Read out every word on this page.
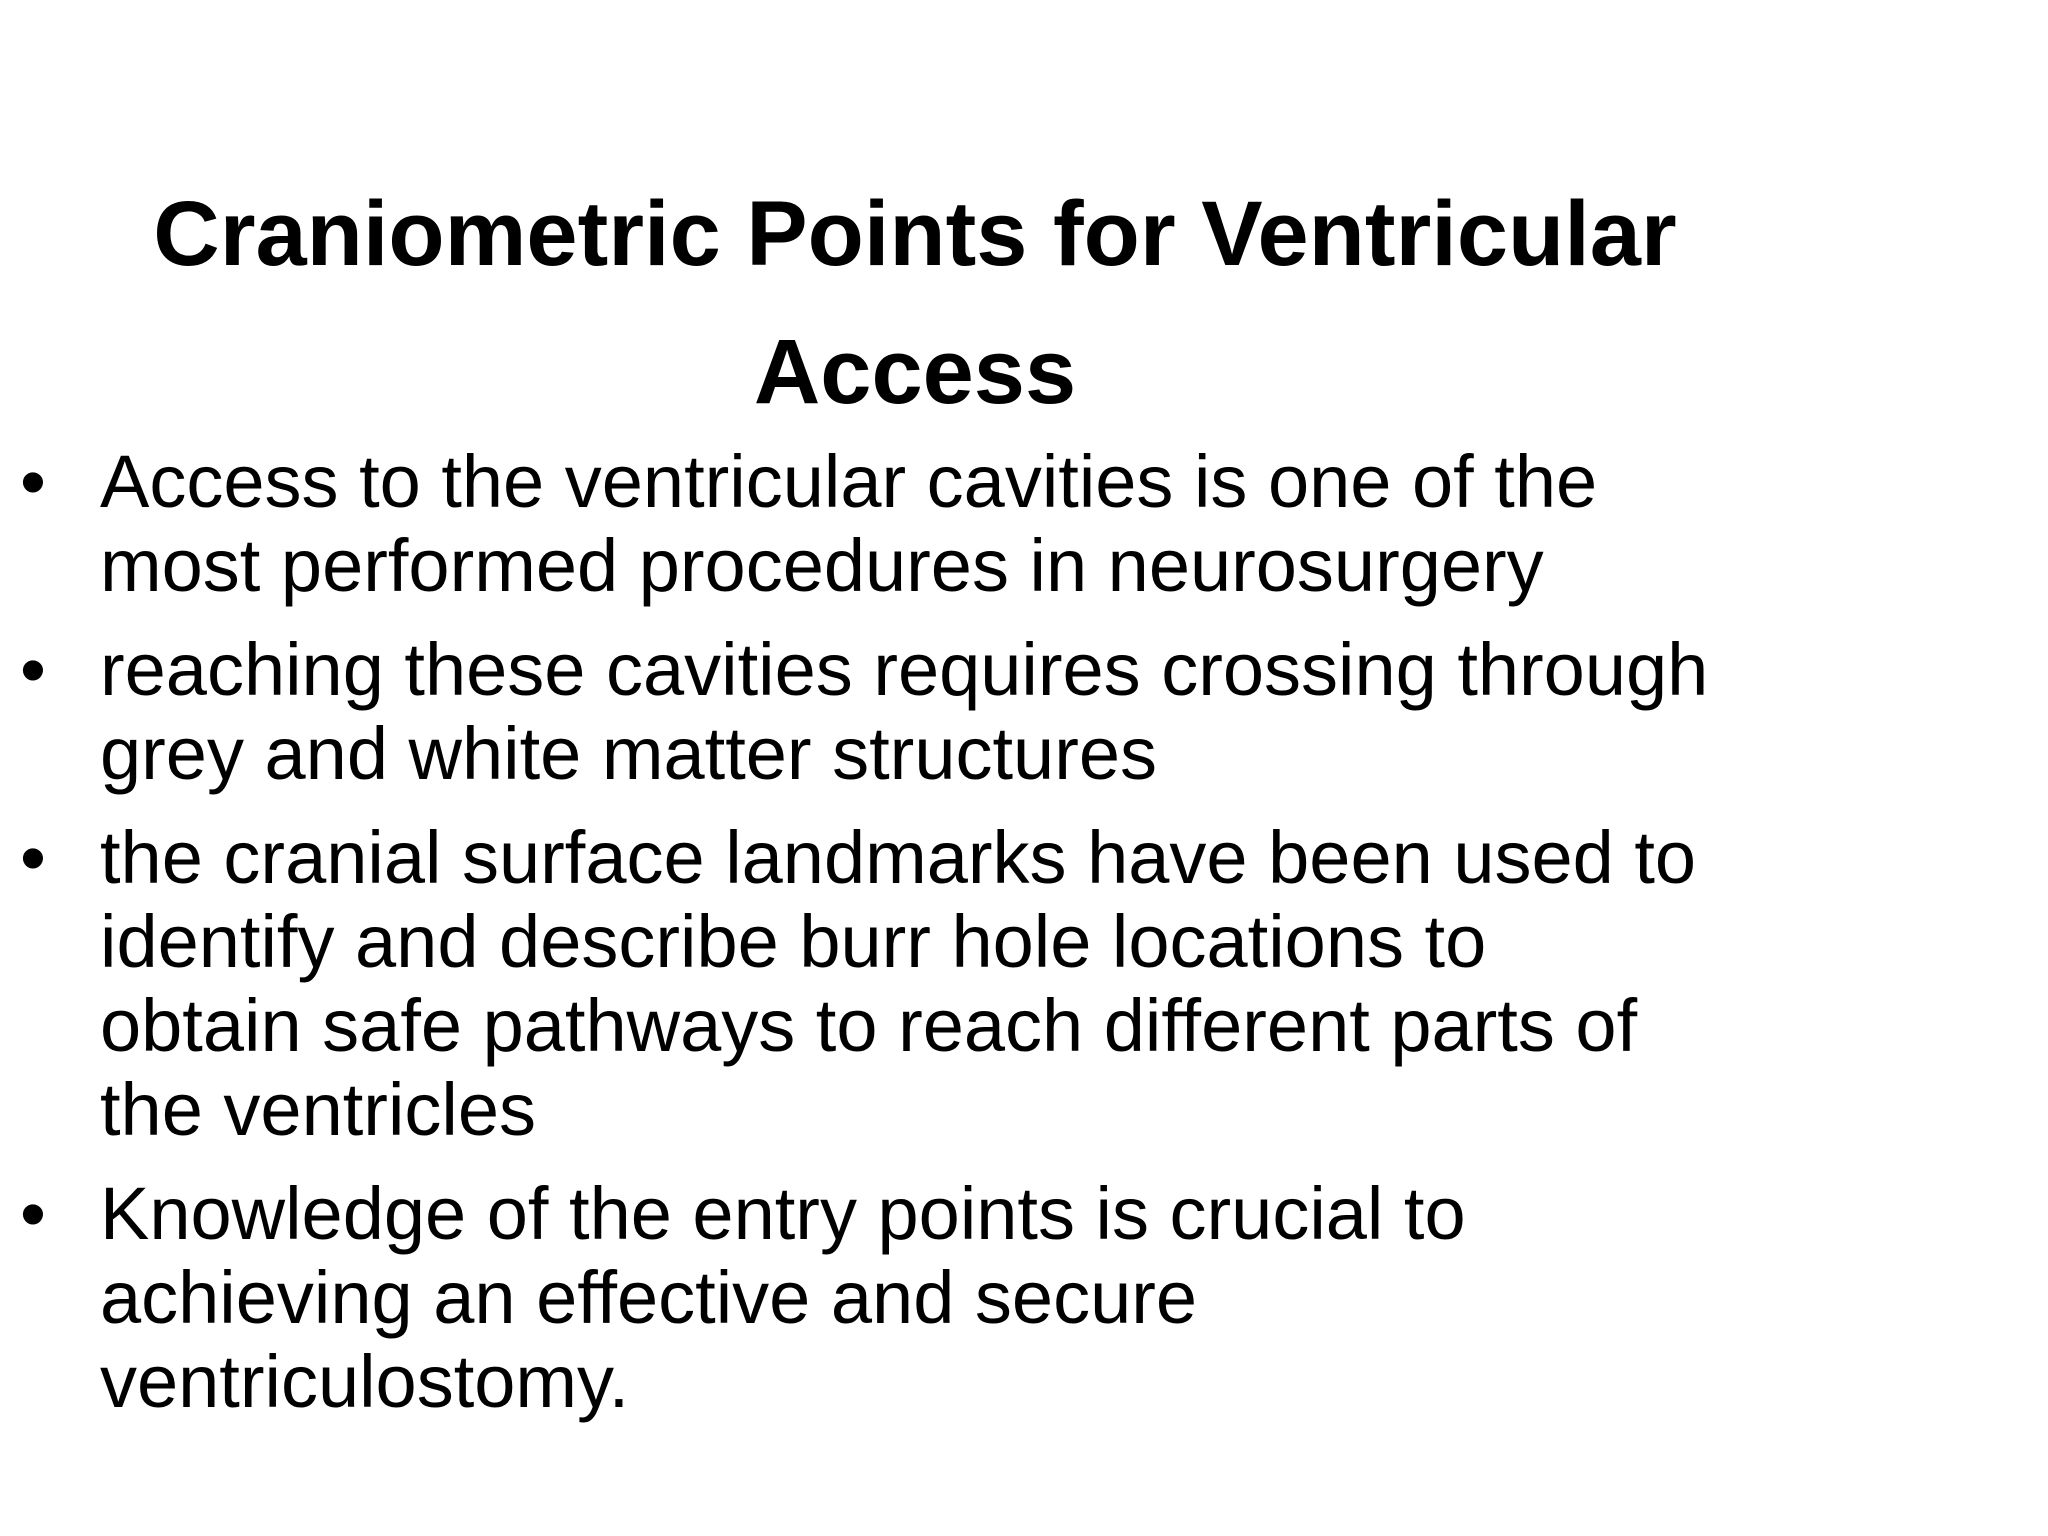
Craniometric Points for Ventricular
Access
• Access to the ventricular cavities is one of the
most performed procedures in neurosurgery
• reaching these cavities requires crossing through
grey and white matter structures
• the cranial surface landmarks have been used to
identify and describe burr hole locations to
obtain safe pathways to reach different parts of
the ventricles
• Knowledge of the entry points is crucial to
achieving an effective and secure
ventriculostomy.
